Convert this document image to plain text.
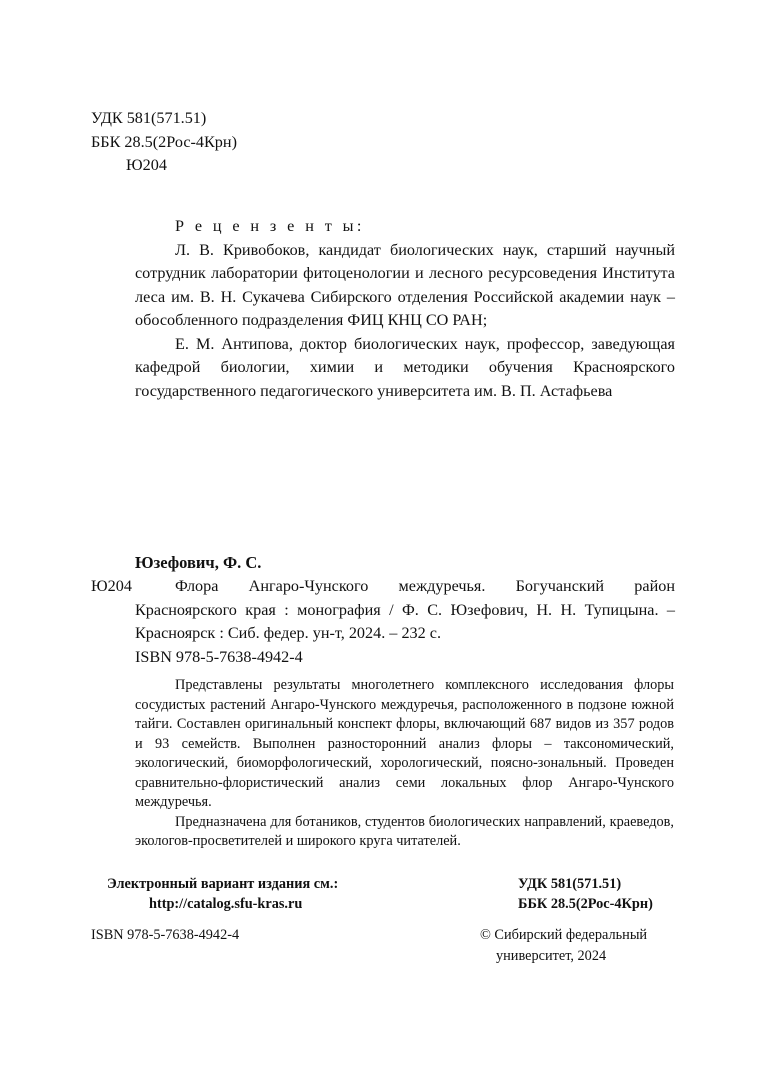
УДК 581(571.51)
ББК 28.5(2Рос-4Крн)
Ю204

Р е ц е н з е н т ы:

Л. В. Кривобоков, кандидат биологических наук, старший научный сотрудник лаборатории фитоценологии и лесного ресурсоведения Института леса им. В. Н. Сукачева Сибирского отделения Российской академии наук – обособленного подразделения ФИЦ КНЦ СО РАН;

Е. М. Антипова, доктор биологических наук, профессор, заведующая кафедрой биологии, химии и методики обучения Красноярского государственного педагогического университета им. В. П. Астафьева

Юзефович, Ф. С.
Ю204	Флора Ангаро-Чунского междуречья. Богучанский район Красноярского края : монография / Ф. С. Юзефович, Н. Н. Тупицына. – Красноярск : Сиб. федер. ун-т, 2024. – 232 с.

ISBN 978-5-7638-4942-4

Представлены результаты многолетнего комплексного исследования флоры сосудистых растений Ангаро-Чунского междуречья, расположенного в подзоне южной тайги. Составлен оригинальный конспект флоры, включающий 687 видов из 357 родов и 93 семейств. Выполнен разносторонний анализ флоры – таксономический, экологический, биоморфологический, хорологический, поясно-зональный. Проведен сравнительно-флористический анализ семи локальных флор Ангаро-Чунского междуречья.

Предназначена для ботаников, студентов биологических направлений, краеведов, экологов-просветителей и широкого круга читателей.

Электронный вариант издания см.:
http://catalog.sfu-kras.ru
УДК 581(571.51)
ББК 28.5(2Рос-4Крн)
ISBN 978-5-7638-4942-4	© Сибирский федеральный
университет, 2024
